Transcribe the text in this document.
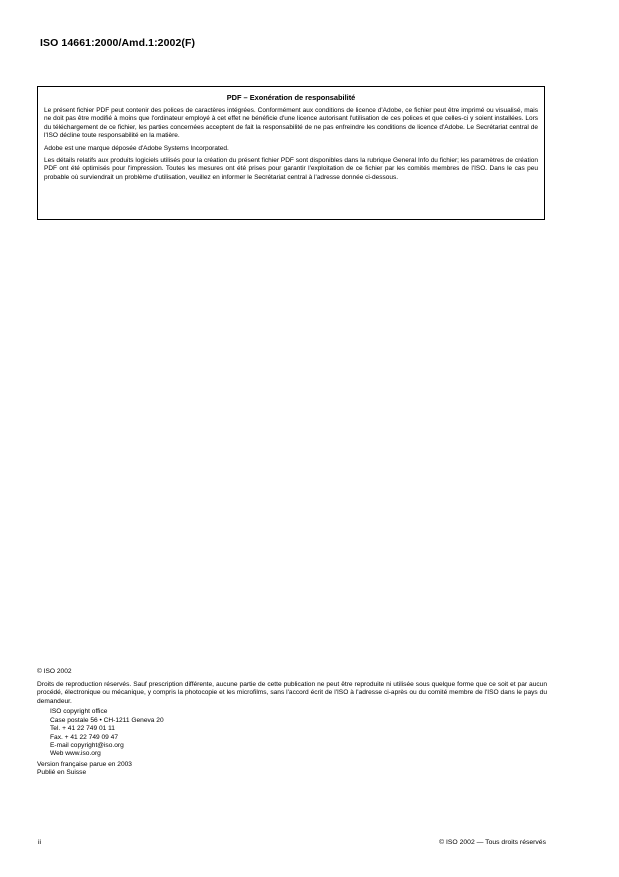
ISO 14661:2000/Amd.1:2002(F)
PDF – Exonération de responsabilité

Le présent fichier PDF peut contenir des polices de caractères intégrées. Conformément aux conditions de licence d'Adobe, ce fichier peut être imprimé ou visualisé, mais ne doit pas être modifié à moins que l'ordinateur employé à cet effet ne bénéficie d'une licence autorisant l'utilisation de ces polices et que celles-ci y soient installées. Lors du téléchargement de ce fichier, les parties concernées acceptent de fait la responsabilité de ne pas enfreindre les conditions de licence d'Adobe. Le Secrétariat central de l'ISO décline toute responsabilité en la matière.

Adobe est une marque déposée d'Adobe Systems Incorporated.

Les détails relatifs aux produits logiciels utilisés pour la création du présent fichier PDF sont disponibles dans la rubrique General Info du fichier; les paramètres de création PDF ont été optimisés pour l'impression. Toutes les mesures ont été prises pour garantir l'exploitation de ce fichier par les comités membres de l'ISO. Dans le cas peu probable où surviendrait un problème d'utilisation, veuillez en informer le Secrétariat central à l'adresse donnée ci-dessous.

© ISO 2002
Droits de reproduction réservés. Sauf prescription différente, aucune partie de cette publication ne peut être reproduite ni utilisée sous quelque forme que ce soit et par aucun procédé, électronique ou mécanique, y compris la photocopie et les microfilms, sans l'accord écrit de l'ISO à l'adresse ci-après ou du comité membre de l'ISO dans le pays du demandeur.
ISO copyright office
Case postale 56 • CH-1211 Geneva 20
Tel. + 41 22 749 01 11
Fax. + 41 22 749 09 47
E-mail copyright@iso.org
Web www.iso.org
Version française parue en 2003
Publié en Suisse
ii	© ISO 2002 — Tous droits réservés
